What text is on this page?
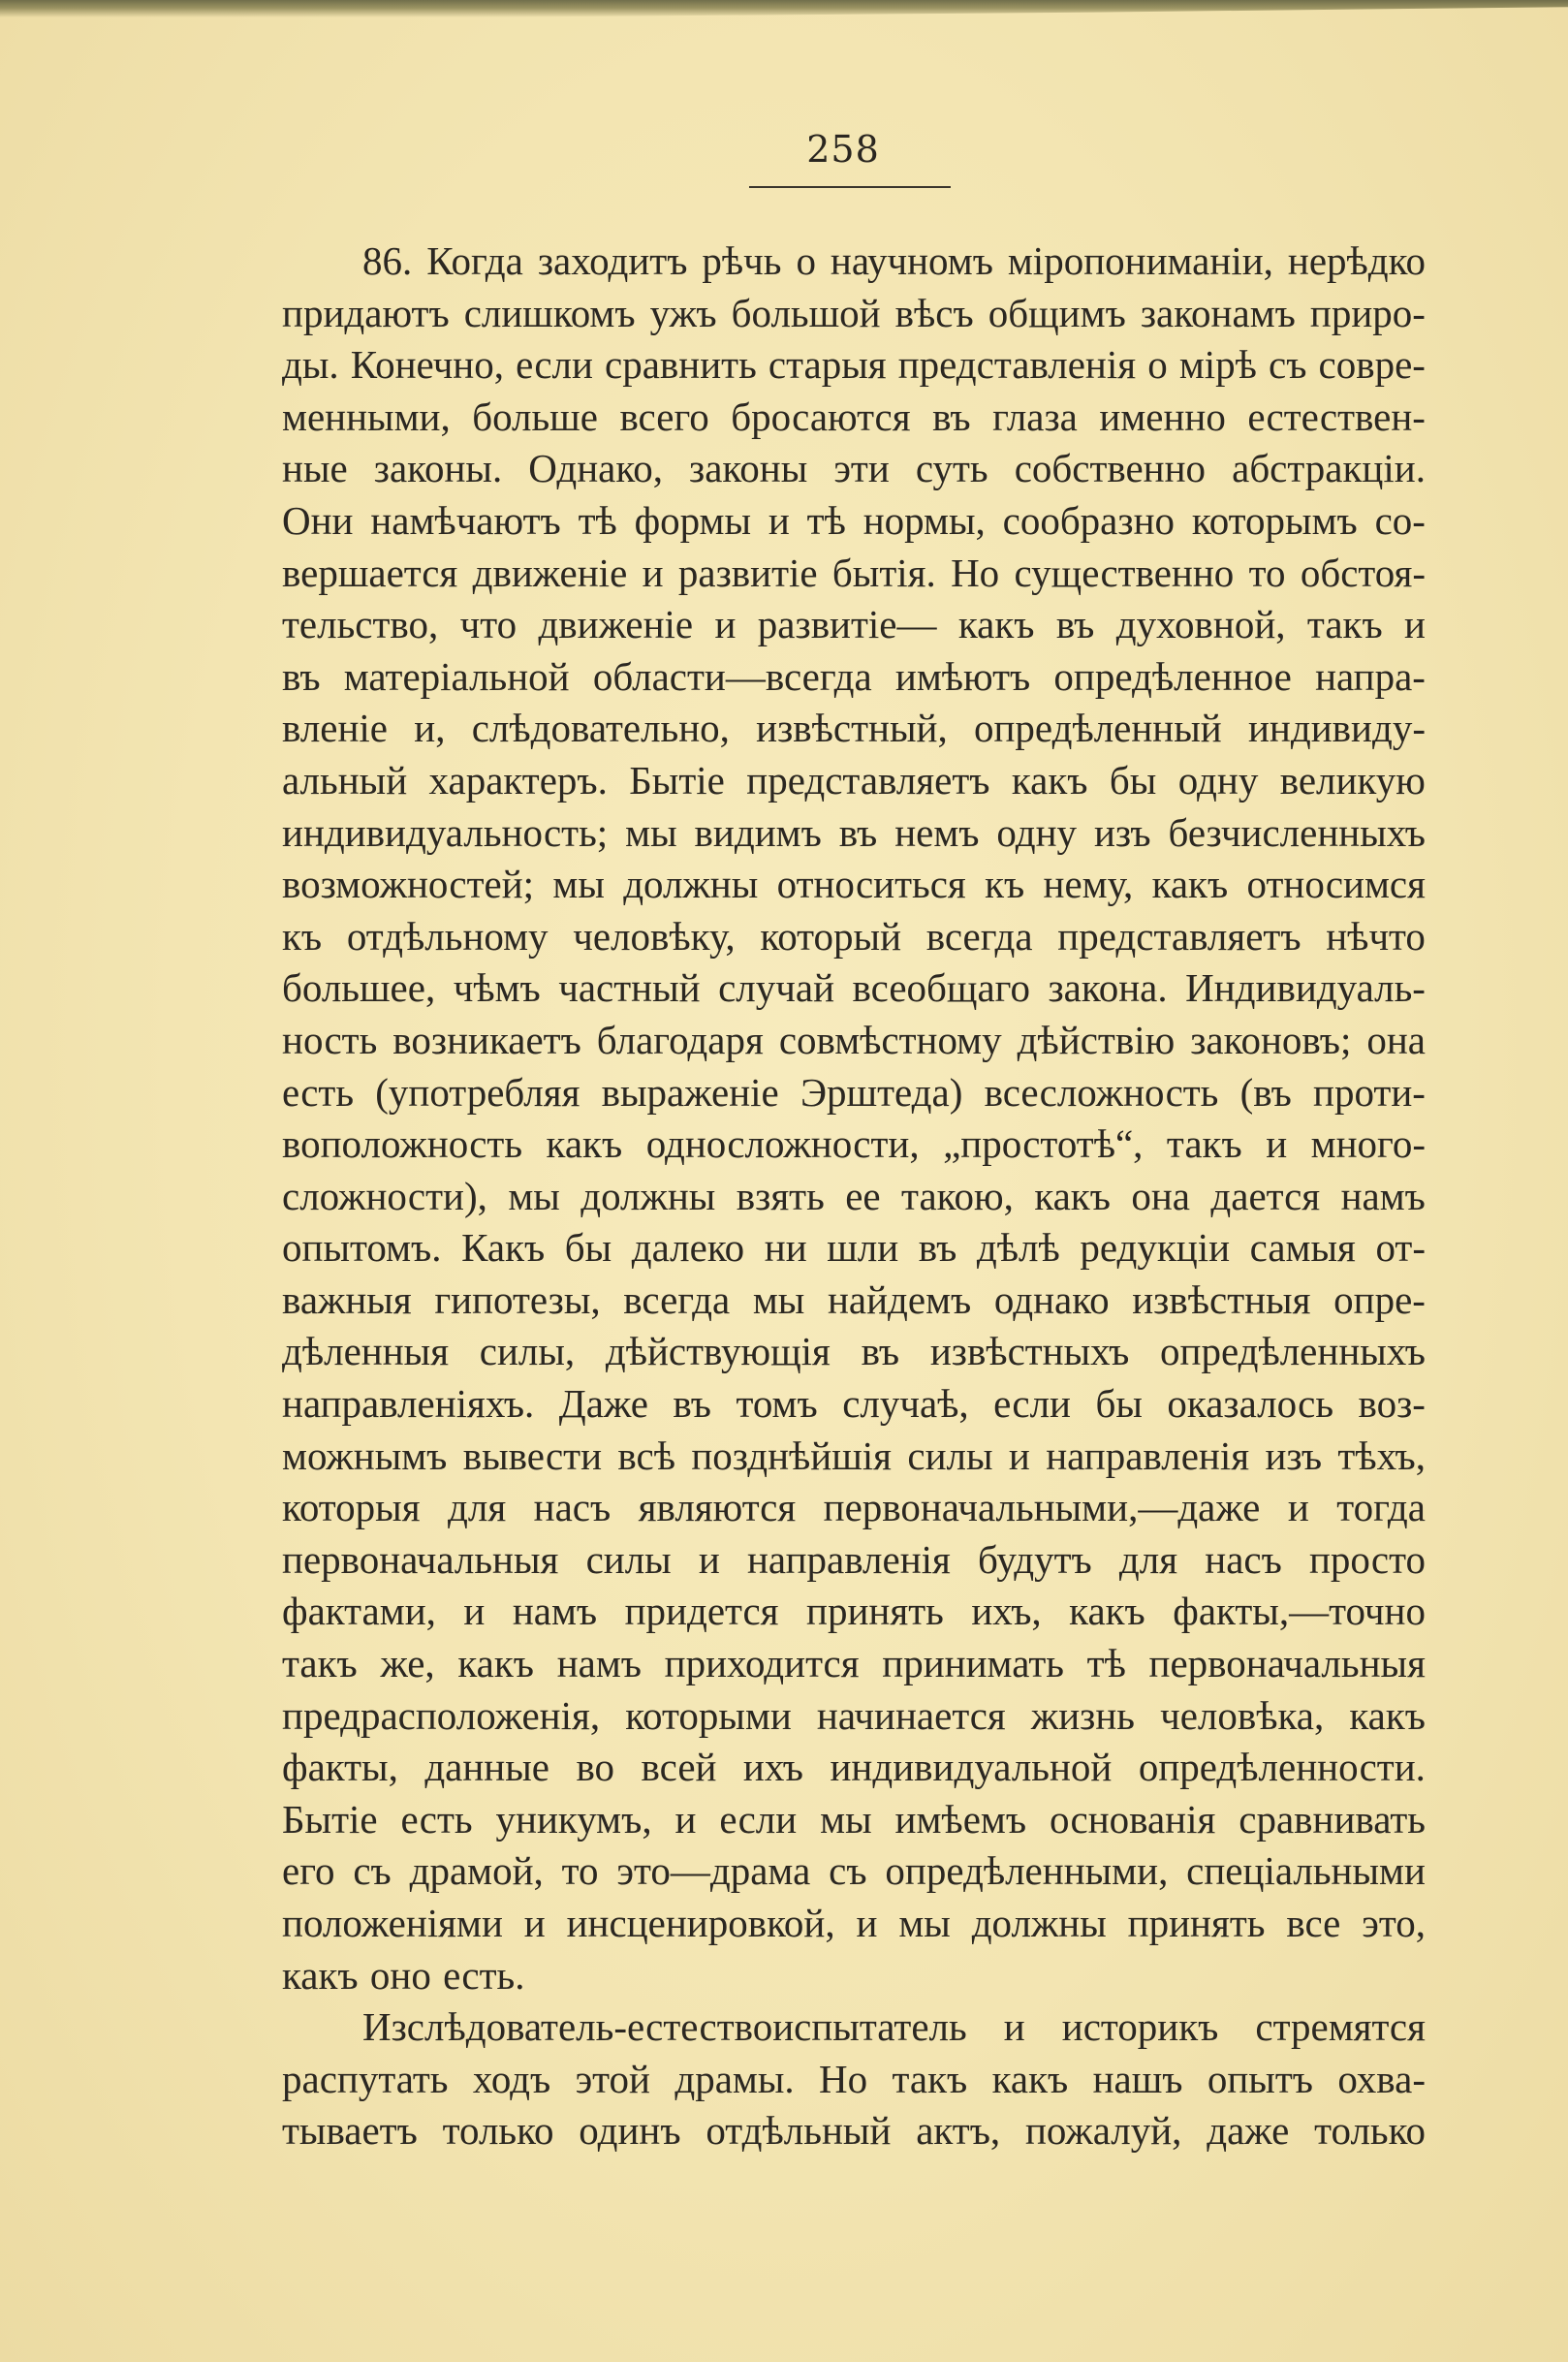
258
86. Когда заходитъ рѣчь о научномъ міропониманіи, нерѣдко
придаютъ слишкомъ ужъ большой вѣсъ общимъ законамъ приро-
ды. Конечно, если сравнить старыя представленія о мірѣ съ совре-
менными, больше всего бросаются въ глаза именно естествен-
ные законы. Однако, законы эти суть собственно абстракціи.
Они намѣчаютъ тѣ формы и тѣ нормы, сообразно которымъ со-
вершается движеніе и развитіе бытія. Но существенно то обстоя-
тельство, что движеніе и развитіе— какъ въ духовной, такъ и
въ матеріальной области—всегда имѣютъ опредѣленное напра-
вленіе и, слѣдовательно, извѣстный, опредѣленный индивиду-
альный характеръ. Бытіе представляетъ какъ бы одну великую
индивидуальность; мы видимъ въ немъ одну изъ безчисленныхъ
возможностей; мы должны относиться къ нему, какъ относимся
къ отдѣльному человѣку, который всегда представляетъ нѣчто
большее, чѣмъ частный случай всеобщаго закона. Индивидуаль-
ность возникаетъ благодаря совмѣстному дѣйствію законовъ; она
есть (употребляя выраженіе Эрштеда) всесложность (въ проти-
воположность какъ односложности, „простотѣ“, такъ и много-
сложности), мы должны взять ее такою, какъ она дается намъ
опытомъ. Какъ бы далеко ни шли въ дѣлѣ редукціи самыя от-
важныя гипотезы, всегда мы найдемъ однако извѣстныя опре-
дѣленныя силы, дѣйствующія въ извѣстныхъ опредѣленныхъ
направленіяхъ. Даже въ томъ случаѣ, если бы оказалось воз-
можнымъ вывести всѣ позднѣйшія силы и направленія изъ тѣхъ,
которыя для насъ являются первоначальными,—даже и тогда
первоначальныя силы и направленія будутъ для насъ просто
фактами, и намъ придется принять ихъ, какъ факты,—точно
такъ же, какъ намъ приходится принимать тѣ первоначальныя
предрасположенія, которыми начинается жизнь человѣка, какъ
факты, данные во всей ихъ индивидуальной опредѣленности.
Бытіе есть уникумъ, и если мы имѣемъ основанія сравнивать
его съ драмой, то это—драма съ опредѣленными, спеціальными
положеніями и инсценировкой, и мы должны принять все это,
какъ оно есть.
Изслѣдователь-естествоиспытатель и историкъ стремятся
распутать ходъ этой драмы. Но такъ какъ нашъ опытъ охва-
тываетъ только одинъ отдѣльный актъ, пожалуй, даже только
